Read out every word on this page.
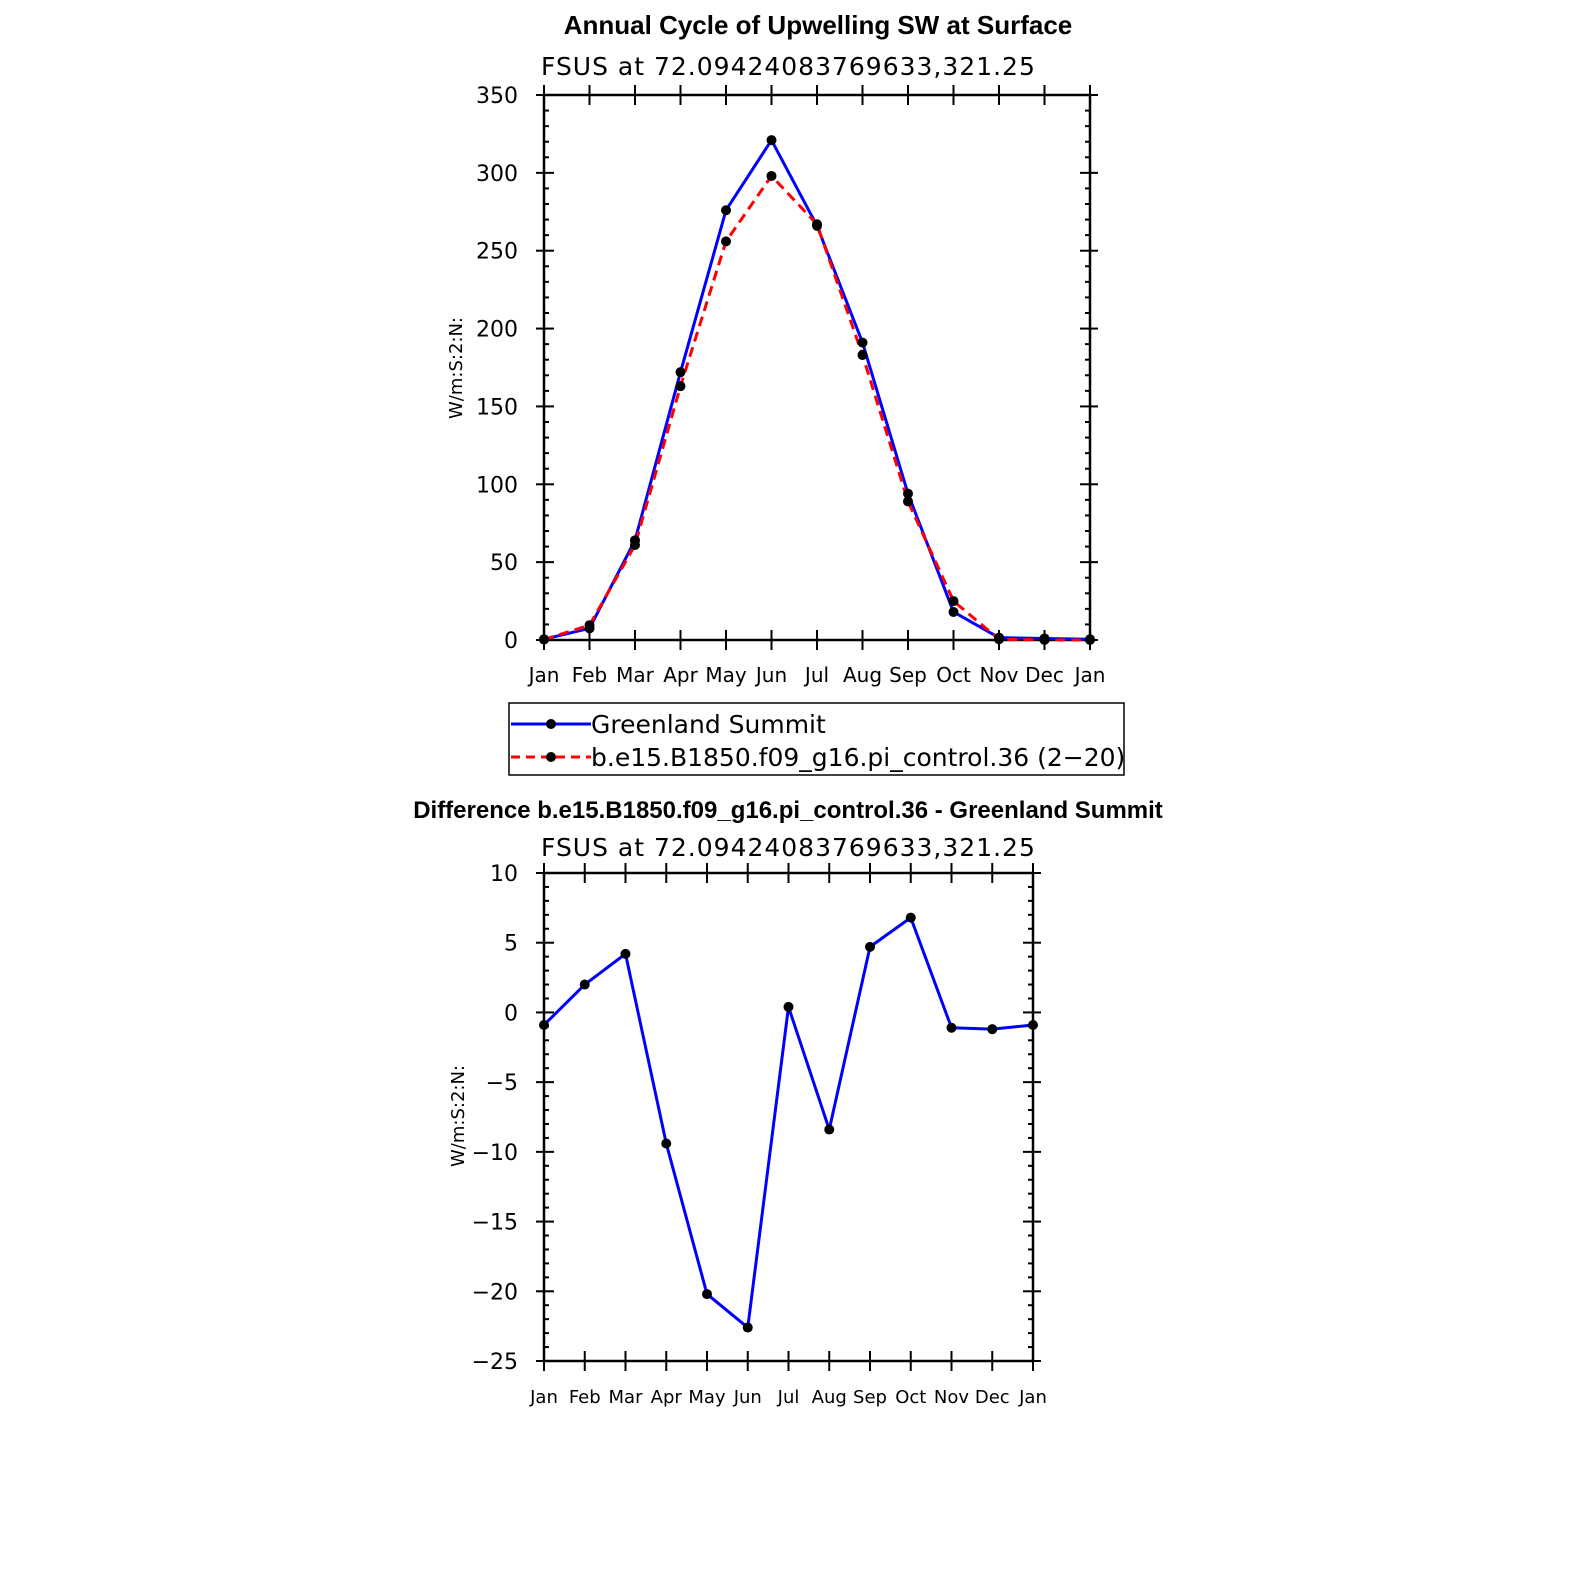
Annual Cycle of Upwelling SW at Surface
FSUS at 72.09424083769633,321.25
W/m:S:2:N:
0
50
100
150
200
250
300
350
Jan Feb Mar Apr May Jun Jul Aug Sep Oct Nov Dec Jan
Greenland Summit
b.e15.B1850.f09_g16.pi_control.36 (2−20)
Difference b.e15.B1850.f09_g16.pi_control.36 - Greenland Summit
FSUS at 72.09424083769633,321.25
W/m:S:2:N:
−25
−20
−15
−10
−5
0
5
10
Jan Feb Mar Apr May Jun Jul Aug Sep Oct Nov Dec Jan
